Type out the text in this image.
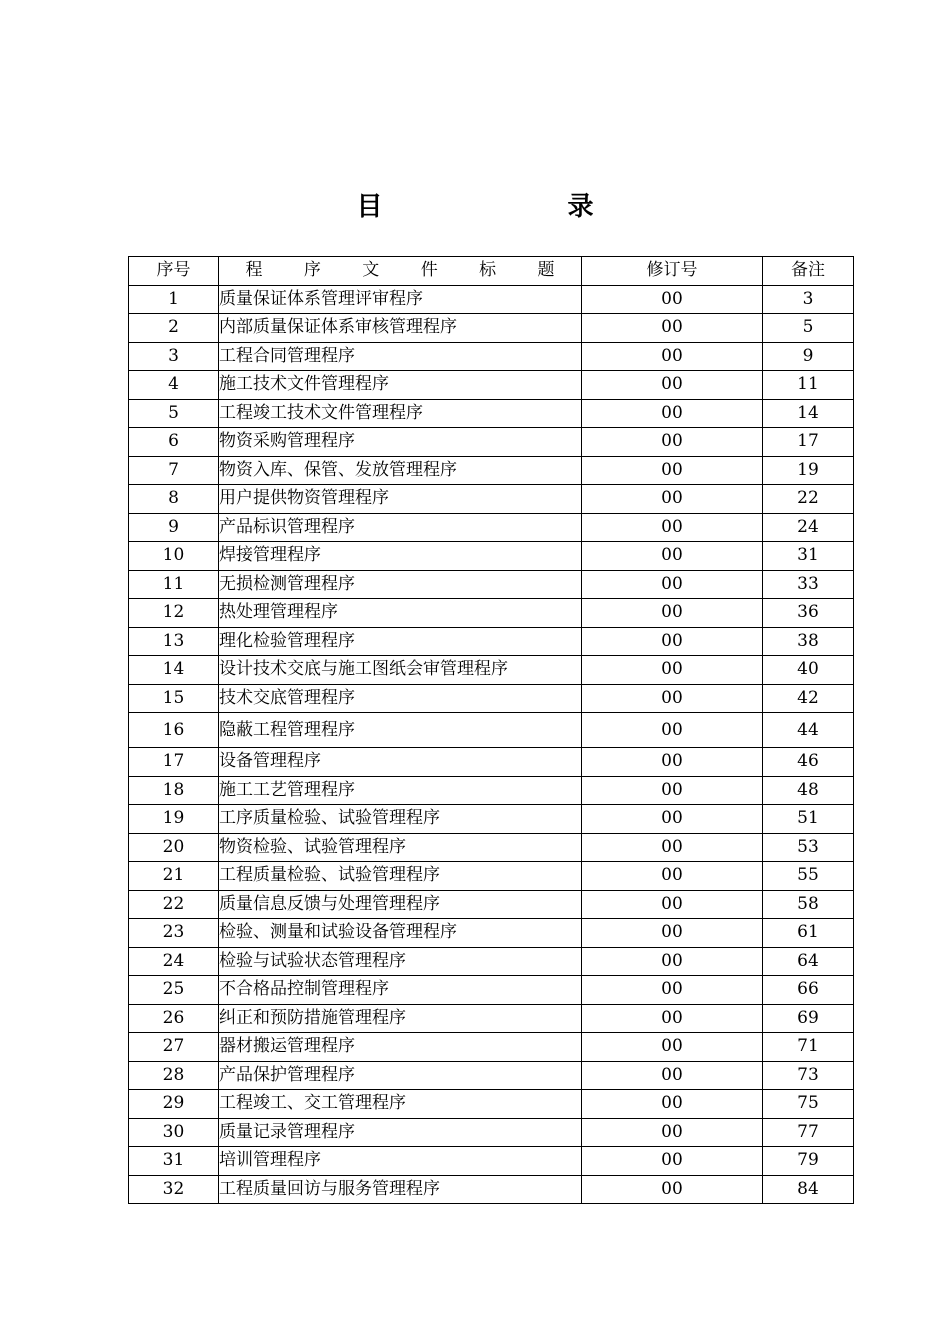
目 录
序号	程 序 文 件 标 题	修订号	备注
1	质量保证体系管理评审程序	00	3
2	内部质量保证体系审核管理程序	00	5
3	工程合同管理程序	00	9
4	施工技术文件管理程序	00	11
5	工程竣工技术文件管理程序	00	14
6	物资采购管理程序	00	17
7	物资入库、保管、发放管理程序	00	19
8	用户提供物资管理程序	00	22
9	产品标识管理程序	00	24
10	焊接管理程序	00	31
11	无损检测管理程序	00	33
12	热处理管理程序	00	36
13	理化检验管理程序	00	38
14	设计技术交底与施工图纸会审管理程序	00	40
15	技术交底管理程序	00	42
16	隐蔽工程管理程序	00	44
17	设备管理程序	00	46
18	施工工艺管理程序	00	48
19	工序质量检验、试验管理程序	00	51
20	物资检验、试验管理程序	00	53
21	工程质量检验、试验管理程序	00	55
22	质量信息反馈与处理管理程序	00	58
23	检验、测量和试验设备管理程序	00	61
24	检验与试验状态管理程序	00	64
25	不合格品控制管理程序	00	66
26	纠正和预防措施管理程序	00	69
27	器材搬运管理程序	00	71
28	产品保护管理程序	00	73
29	工程竣工、交工管理程序	00	75
30	质量记录管理程序	00	77
31	培训管理程序	00	79
32	工程质量回访与服务管理程序	00	84
